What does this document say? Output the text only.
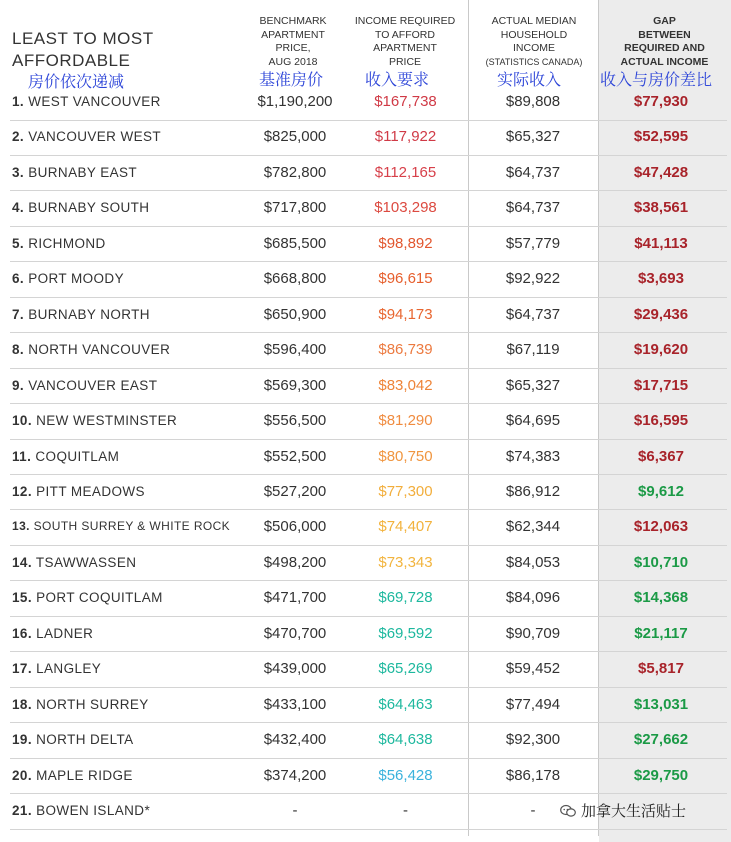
LEAST TO MOST
AFFORDABLE
房价依次递减
BENCHMARK
APARTMENT
PRICE,
AUG 2018
基准房价
INCOME REQUIRED
TO AFFORD
APARTMENT
PRICE
收入要求
ACTUAL MEDIAN
HOUSEHOLD
INCOME
(STATISTICS CANADA)
实际收入
GAP
BETWEEN
REQUIRED AND
ACTUAL INCOME
收入与房价差比
1. WEST VANCOUVER	$1,190,200	$167,738	$89,808	$77,930
2. VANCOUVER WEST	$825,000	$117,922	$65,327	$52,595
3. BURNABY EAST	$782,800	$112,165	$64,737	$47,428
4. BURNABY SOUTH	$717,800	$103,298	$64,737	$38,561
5. RICHMOND	$685,500	$98,892	$57,779	$41,113
6. PORT MOODY	$668,800	$96,615	$92,922	$3,693
7. BURNABY NORTH	$650,900	$94,173	$64,737	$29,436
8. NORTH VANCOUVER	$596,400	$86,739	$67,119	$19,620
9. VANCOUVER EAST	$569,300	$83,042	$65,327	$17,715
10. NEW WESTMINSTER	$556,500	$81,290	$64,695	$16,595
11. COQUITLAM	$552,500	$80,750	$74,383	$6,367
12. PITT MEADOWS	$527,200	$77,300	$86,912	$9,612
13. SOUTH SURREY & WHITE ROCK	$506,000	$74,407	$62,344	$12,063
14. TSAWWASSEN	$498,200	$73,343	$84,053	$10,710
15. PORT COQUITLAM	$471,700	$69,728	$84,096	$14,368
16. LADNER	$470,700	$69,592	$90,709	$21,117
17. LANGLEY	$439,000	$65,269	$59,452	$5,817
18. NORTH SURREY	$433,100	$64,463	$77,494	$13,031
19. NORTH DELTA	$432,400	$64,638	$92,300	$27,662
20. MAPLE RIDGE	$374,200	$56,428	$86,178	$29,750
21. BOWEN ISLAND*	-	-	-	加拿大生活贴士
